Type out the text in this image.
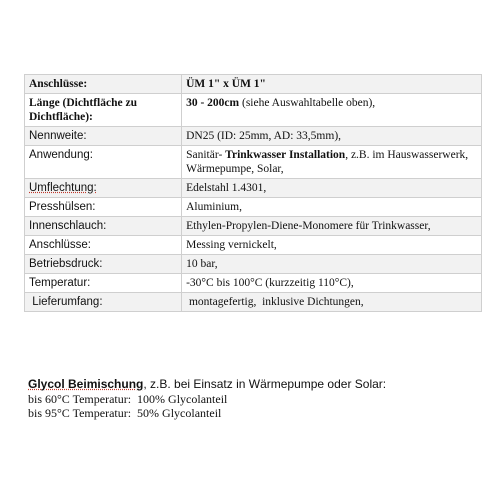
Anschlüsse:	ÜM 1" x ÜM 1"
Länge (Dichtfläche zu Dichtfläche):	30 - 200cm (siehe Auswahltabelle oben),
Nennweite:	DN25 (ID: 25mm, AD: 33,5mm),
Anwendung:	Sanitär- Trinkwasser Installation, z.B. im Hauswasserwerk, Wärmepumpe, Solar,
Umflechtung:	Edelstahl 1.4301,
Presshülsen:	Aluminium,
Innenschlauch:	Ethylen-Propylen-Diene-Monomere für Trinkwasser,
Anschlüsse:	Messing vernickelt,
Betriebsdruck:	10 bar,
Temperatur:	-30°C bis 100°C (kurzzeitig 110°C),
Lieferumfang:	montagefertig,  inklusive Dichtungen,
Glycol Beimischung, z.B. bei Einsatz in Wärmepumpe oder Solar:
bis 60°C Temperatur:  100% Glycolanteil
bis 95°C Temperatur:  50% Glycolanteil
